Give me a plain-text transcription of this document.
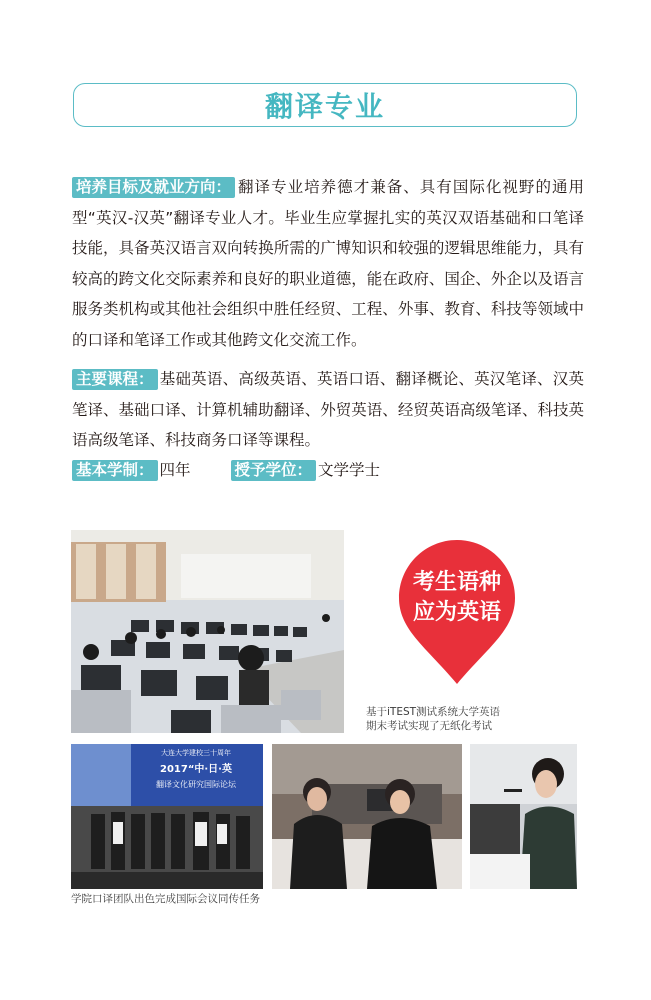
翻译专业
培养目标及就业方向： 翻译专业培养德才兼备、具有国际化视野的通用型“英汉-汉英”翻译专业人才。毕业生应掌握扎实的英汉双语基础和口笔译技能，具备英汉语言双向转换所需的广博知识和较强的逻辑思维能力，具有较高的跨文化交际素养和良好的职业道德，能在政府、国企、外企以及语言服务类机构或其他社会组织中胜任经贸、工程、外事、教育、科技等领域中的口译和笔译工作或其他跨文化交流工作。
主要课程： 基础英语、高级英语、英语口语、翻译概论、英汉笔译、汉英笔译、基础口译、计算机辅助翻译、外贸英语、经贸英语高级笔译、科技英语高级笔译、科技商务口译等课程。
基本学制： 四年	授予学位： 文学学士
考生语种
应为英语
基于iTEST测试系统大学英语
期末考试实现了无纸化考试
大连大学建校三十周年
2017“中·日·英
翻译文化研究国际论坛
学院口译团队出色完成国际会议同传任务
